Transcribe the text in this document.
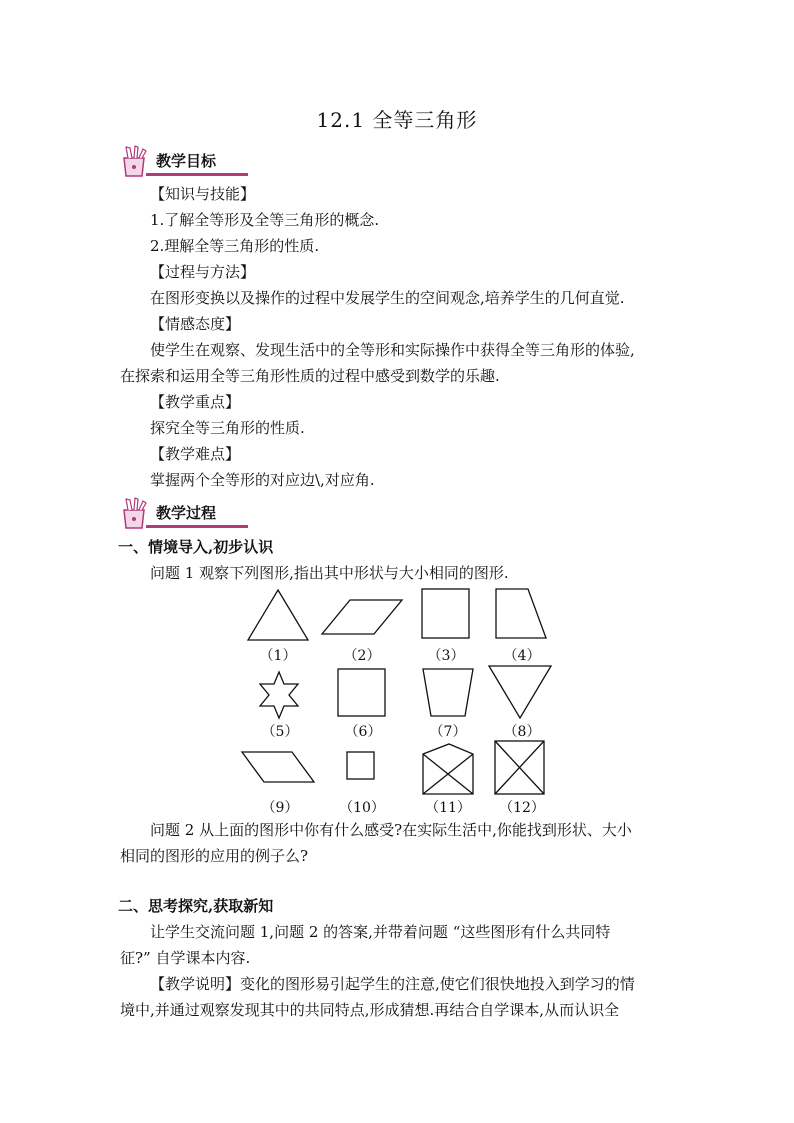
12.1 全等三角形
教学目标
【知识与技能】
1.了解全等形及全等三角形的概念.
2.理解全等三角形的性质.
【过程与方法】
在图形变换以及操作的过程中发展学生的空间观念,培养学生的几何直觉.
【情感态度】
使学生在观察、发现生活中的全等形和实际操作中获得全等三角形的体验,
在探索和运用全等三角形性质的过程中感受到数学的乐趣.
【教学重点】
探究全等三角形的性质.
【教学难点】
掌握两个全等形的对应边\,对应角.
教学过程
一、情境导入,初步认识
问题 1 观察下列图形,指出其中形状与大小相同的图形.
（1）	（2）	（3）	（4）
（5）	（6）	（7）	（8）
（9）	（10）	（11）	（12）
问题 2 从上面的图形中你有什么感受?在实际生活中,你能找到形状、大小
相同的图形的应用的例子么?
二、思考探究,获取新知
让学生交流问题 1,问题 2 的答案,并带着问题 “这些图形有什么共同特
征?” 自学课本内容.
【教学说明】变化的图形易引起学生的注意,使它们很快地投入到学习的情
境中,并通过观察发现其中的共同特点,形成猜想.再结合自学课本,从而认识全
